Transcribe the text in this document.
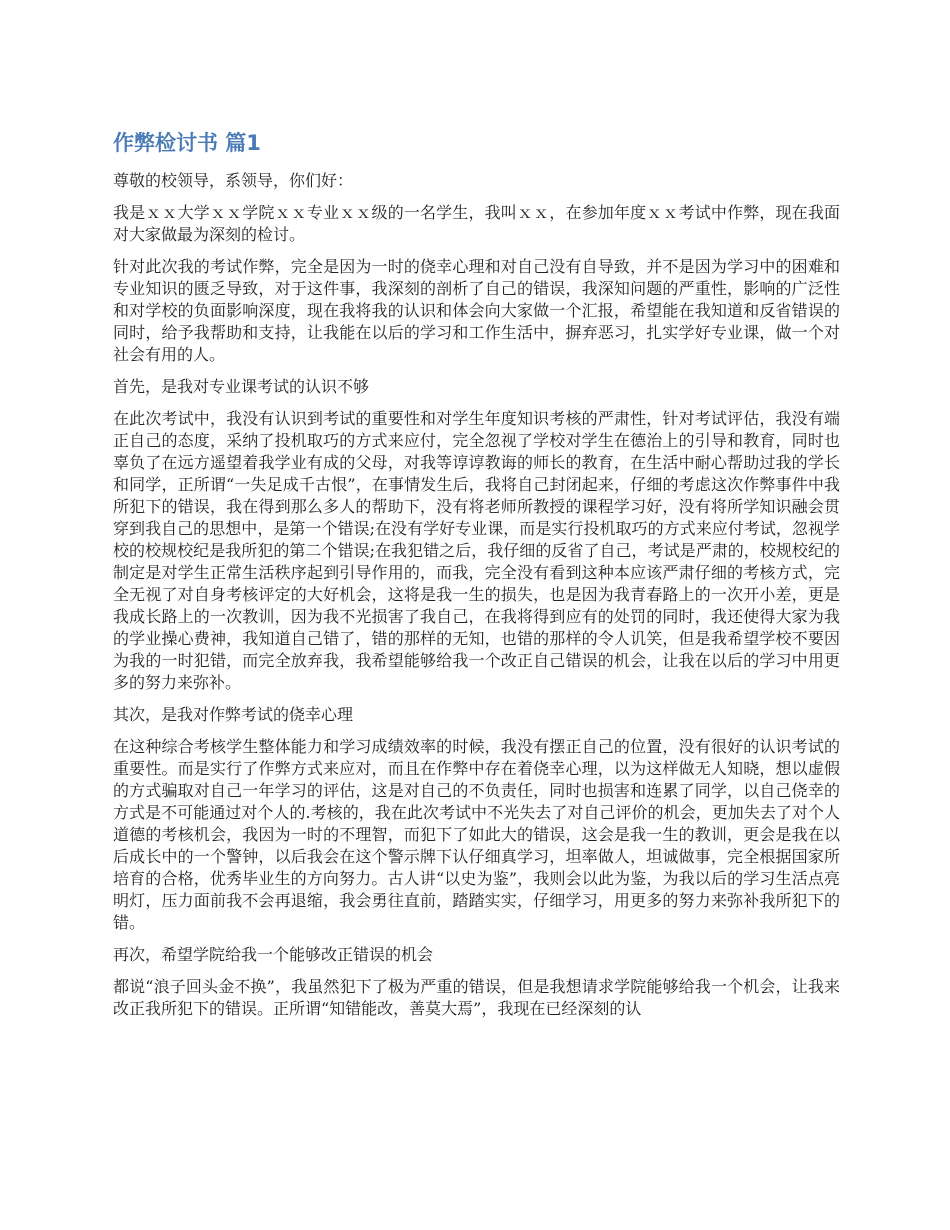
作弊检讨书 篇1

尊敬的校领导，系领导，你们好：

我是ｘｘ大学ｘｘ学院ｘｘ专业ｘｘ级的一名学生，我叫ｘｘ，在参加年度ｘｘ考试中作弊，现在我面对大家做最为深刻的检讨。

针对此次我的考试作弊，完全是因为一时的侥幸心理和对自己没有自导致，并不是因为学习中的困难和专业知识的匮乏导致，对于这件事，我深刻的剖析了自己的错误，我深知问题的严重性，影响的广泛性和对学校的负面影响深度，现在我将我的认识和体会向大家做一个汇报，希望能在我知道和反省错误的同时，给予我帮助和支持，让我能在以后的学习和工作生活中，摒弃恶习，扎实学好专业课，做一个对社会有用的人。

首先，是我对专业课考试的认识不够

在此次考试中，我没有认识到考试的重要性和对学生年度知识考核的严肃性，针对考试评估，我没有端正自己的态度，采纳了投机取巧的方式来应付，完全忽视了学校对学生在德治上的引导和教育，同时也辜负了在远方遥望着我学业有成的父母，对我等谆谆教诲的师长的教育，在生活中耐心帮助过我的学长和同学，正所谓“一失足成千古恨”，在事情发生后，我将自己封闭起来，仔细的考虑这次作弊事件中我所犯下的错误，我在得到那么多人的帮助下，没有将老师所教授的课程学习好，没有将所学知识融会贯穿到我自己的思想中，是第一个错误;在没有学好专业课，而是实行投机取巧的方式来应付考试，忽视学校的校规校纪是我所犯的第二个错误;在我犯错之后，我仔细的反省了自己，考试是严肃的，校规校纪的制定是对学生正常生活秩序起到引导作用的，而我，完全没有看到这种本应该严肃仔细的考核方式，完全无视了对自身考核评定的大好机会，这将是我一生的损失，也是因为我青春路上的一次开小差，更是我成长路上的一次教训，因为我不光损害了我自己，在我将得到应有的处罚的同时，我还使得大家为我的学业操心费神，我知道自己错了，错的那样的无知，也错的那样的令人讥笑，但是我希望学校不要因为我的一时犯错，而完全放弃我，我希望能够给我一个改正自己错误的机会，让我在以后的学习中用更多的努力来弥补。

其次，是我对作弊考试的侥幸心理

在这种综合考核学生整体能力和学习成绩效率的时候，我没有摆正自己的位置，没有很好的认识考试的重要性。而是实行了作弊方式来应对，而且在作弊中存在着侥幸心理，以为这样做无人知晓，想以虚假的方式骗取对自己一年学习的评估，这是对自己的不负责任，同时也损害和连累了同学，以自己侥幸的方式是不可能通过对个人的.考核的，我在此次考试中不光失去了对自己评价的机会，更加失去了对个人道德的考核机会，我因为一时的不理智，而犯下了如此大的错误，这会是我一生的教训，更会是我在以后成长中的一个警钟，以后我会在这个警示牌下认仔细真学习，坦率做人，坦诚做事，完全根据国家所培育的合格，优秀毕业生的方向努力。古人讲“以史为鉴”，我则会以此为鉴，为我以后的学习生活点亮明灯，压力面前我不会再退缩，我会勇往直前，踏踏实实，仔细学习，用更多的努力来弥补我所犯下的错。

再次，希望学院给我一个能够改正错误的机会

都说“浪子回头金不换”，我虽然犯下了极为严重的错误，但是我想请求学院能够给我一个机会，让我来改正我所犯下的错误。正所谓“知错能改，善莫大焉”，我现在已经深刻的认
